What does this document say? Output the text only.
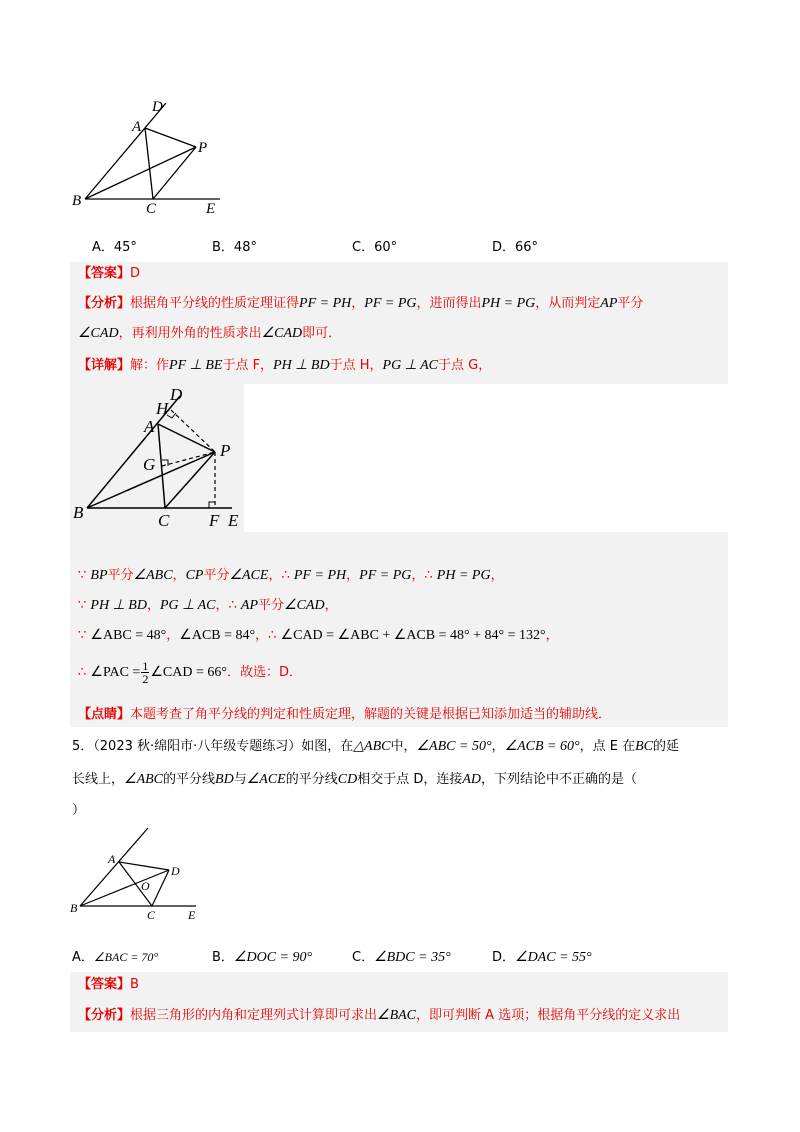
D
A
P
B	C	E
A．45°	B．48°	C．60°	D．66°
【答案】D
【分析】根据角平分线的性质定理证得PF = PH，PF = PG，进而得出PH = PG，从而判定AP平分
∠CAD，再利用外角的性质求出∠CAD即可．
【详解】解：作PF ⊥ BE于点 F，PH ⊥ BD于点 H，PG ⊥ AC于点 G，
D
H
A
P
G
B	C F E
∵ BP平分∠ABC，CP平分∠ACE，∴ PF = PH，PF = PG，∴ PH = PG，
∵ PH ⊥ BD，PG ⊥ AC，∴ AP平分∠CAD，
∵ ∠ABC = 48°，∠ACB = 84°，∴ ∠CAD = ∠ABC + ∠ACB = 48° + 84° = 132°，
∴ ∠PAC = $\frac{1}{2}$ ∠CAD = 66°．故选：D．
【点睛】本题考查了角平分线的判定和性质定理，解题的关键是根据已知添加适当的辅助线．
5．（2023 秋·绵阳市·八年级专题练习）如图，在△ABC中，∠ABC = 50°，∠ACB = 60°，点 E 在BC的延
长线上，∠ABC的平分线BD与∠ACE的平分线CD相交于点 D，连接AD，下列结论中不正确的是（
）
A
D
O
B	C	E
A．∠BAC = 70°	B．∠DOC = 90°	C．∠BDC = 35°	D．∠DAC = 55°
【答案】B
【分析】根据三角形的内角和定理列式计算即可求出∠BAC，即可判断 A 选项；根据角平分线的定义求出
